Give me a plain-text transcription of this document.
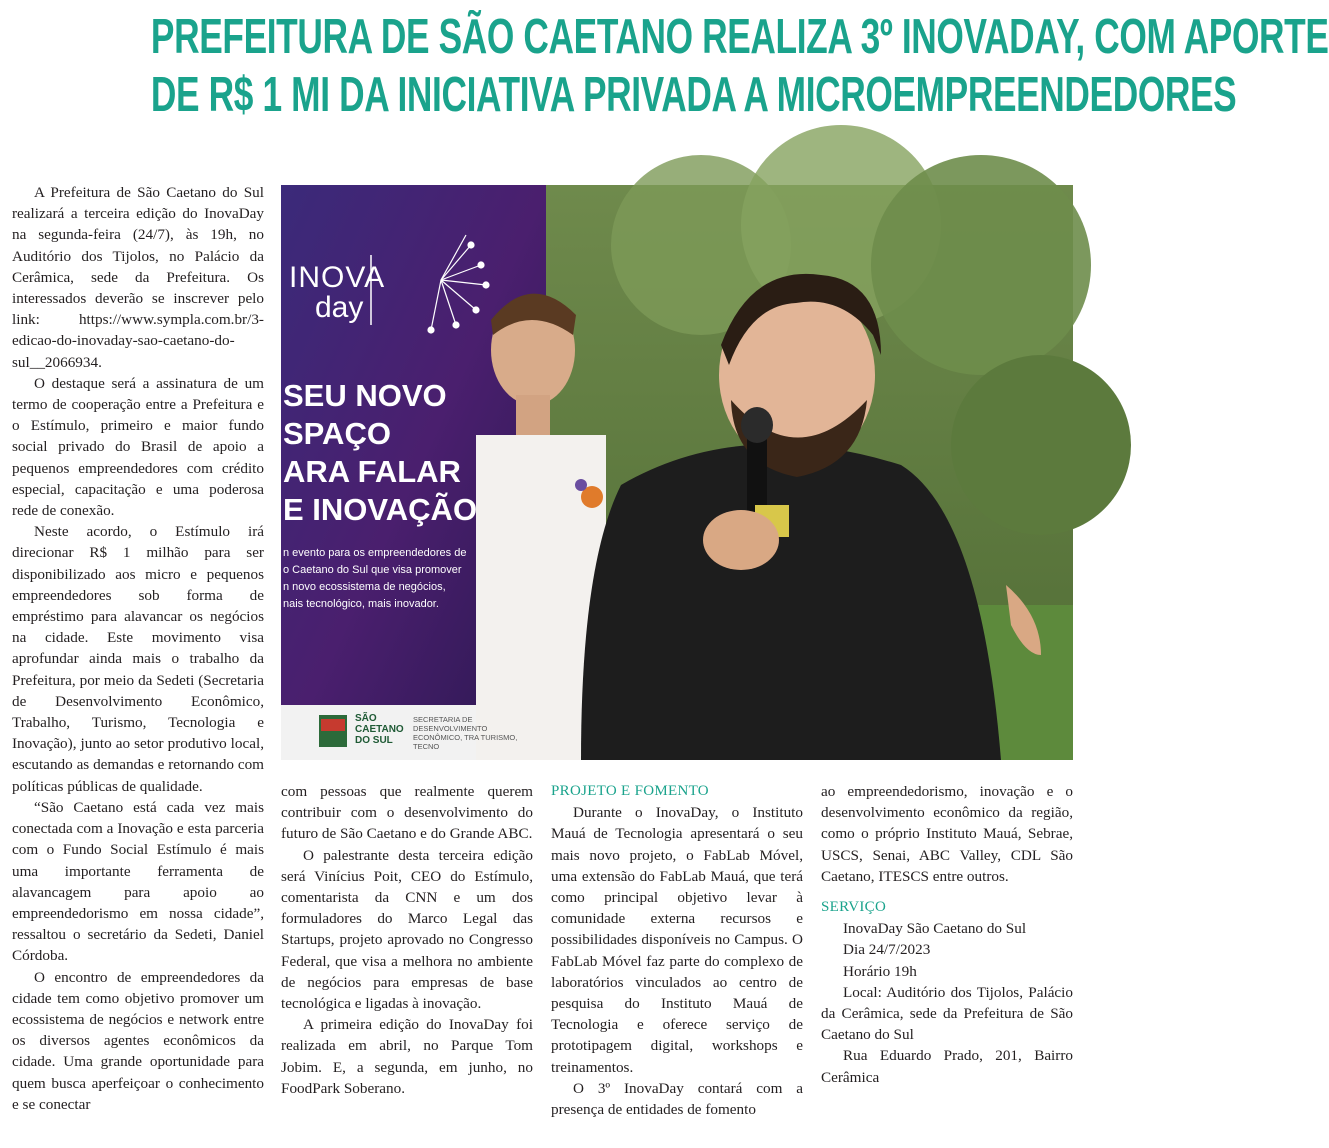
PREFEITURA DE SÃO CAETANO REALIZA 3º INOVADAY, COM APORTE
DE R$ 1 MI DA INICIATIVA PRIVADA A MICROEMPREENDEDORES

A Prefeitura de São Caetano do Sul realizará a terceira edição do InovaDay na segunda-feira (24/7), às 19h, no Auditório dos Tijolos, no Palácio da Cerâmica, sede da Prefeitura. Os interessados deverão se inscrever pelo link: https://www.sympla.com.br/3-edicao-do-inovaday-sao-caetano-do-sul__2066934.

O destaque será a assinatura de um termo de cooperação entre a Prefeitura e o Estímulo, primeiro e maior fundo social privado do Brasil de apoio a pequenos empreendedores com crédito especial, capacitação e uma poderosa rede de conexão.

Neste acordo, o Estímulo irá direcionar R$ 1 milhão para ser disponibilizado aos micro e pequenos empreendedores sob forma de empréstimo para alavancar os negócios na cidade. Este movimento visa aprofundar ainda mais o trabalho da Prefeitura, por meio da Sedeti (Secretaria de Desenvolvimento Econômico, Trabalho, Turismo, Tecnologia e Inovação), junto ao setor produtivo local, escutando as demandas e retornando com políticas públicas de qualidade.

“São Caetano está cada vez mais conectada com a Inovação e esta parceria com o Fundo Social Estímulo é mais uma importante ferramenta de alavancagem para apoio ao empreendedorismo em nossa cidade”, ressaltou o secretário da Sedeti, Daniel Córdoba.

O encontro de empreendedores da cidade tem como objetivo promover um ecossistema de negócios e network entre os diversos agentes econômicos da cidade. Uma grande oportunidade para quem busca aperfeiçoar o conhecimento e se conectar

INOVA
day
SEU NOVO
SPAÇO
ARA FALAR
E INOVAÇÃO
n evento para os empreendedores de
o Caetano do Sul que visa promover
n novo ecossistema de negócios,
nais tecnológico, mais inovador.
SÃO CAETANO DO SUL
SECRETARIA DE DESENVOLVIMENTO ECONÔMICO, TRA TURISMO, TECNO

com pessoas que realmente querem contribuir com o desenvolvimento do futuro de São Caetano e do Grande ABC.

O palestrante desta terceira edição será Vinícius Poit, CEO do Estímulo, comentarista da CNN e um dos formuladores do Marco Legal das Startups, projeto aprovado no Congresso Federal, que visa a melhora no ambiente de negócios para empresas de base tecnológica e ligadas à inovação.

A primeira edição do InovaDay foi realizada em abril, no Parque Tom Jobim. E, a segunda, em junho, no FoodPark Soberano.

PROJETO E FOMENTO

Durante o InovaDay, o Instituto Mauá de Tecnologia apresentará o seu mais novo projeto, o FabLab Móvel, uma extensão do FabLab Mauá, que terá como principal objetivo levar à comunidade externa recursos e possibilidades disponíveis no Campus. O FabLab Móvel faz parte do complexo de laboratórios vinculados ao centro de pesquisa do Instituto Mauá de Tecnologia e oferece serviço de prototipagem digital, workshops e treinamentos.

O 3º InovaDay contará com a presença de entidades de fomento

ao empreendedorismo, inovação e o desenvolvimento econômico da região, como o próprio Instituto Mauá, Sebrae, USCS, Senai, ABC Valley, CDL São Caetano, ITESCS entre outros.

SERVIÇO

InovaDay São Caetano do Sul

Dia 24/7/2023

Horário 19h

Local: Auditório dos Tijolos, Palácio da Cerâmica, sede da Prefeitura de São Caetano do Sul

Rua Eduardo Prado, 201, Bairro Cerâmica
